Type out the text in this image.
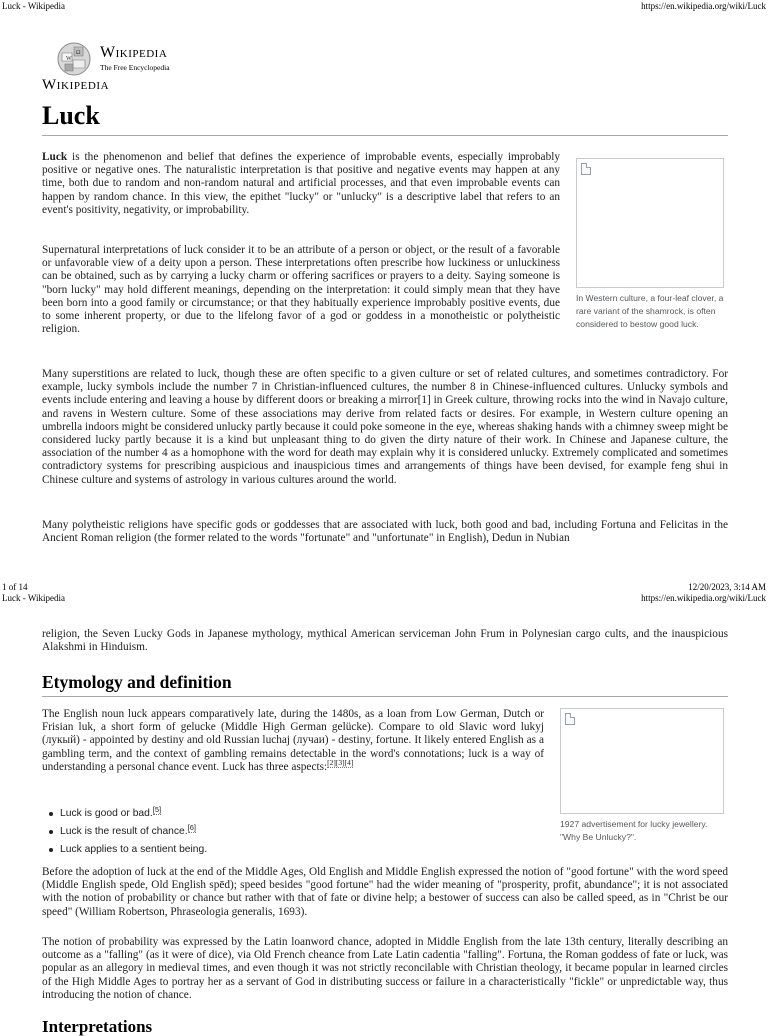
Luck - Wikipedia	https://en.wikipedia.org/wiki/Luck
W
Ω Wikipedia
The Free Encyclopedia
Wikipedia
Luck
Luck is the phenomenon and belief that defines the experience of improbable events, especially improbably positive or negative ones. The naturalistic interpretation is that positive and negative events may happen at any time, both due to random and non-random natural and artificial processes, and that even improbable events can happen by random chance. In this view, the epithet "lucky" or "unlucky" is a descriptive label that refers to an event's positivity, negativity, or improbability.
Supernatural interpretations of luck consider it to be an attribute of a person or object, or the result of a favorable or unfavorable view of a deity upon a person. These interpretations often prescribe how luckiness or unluckiness can be obtained, such as by carrying a lucky charm or offering sacrifices or prayers to a deity. Saying someone is "born lucky" may hold different meanings, depending on the interpretation: it could simply mean that they have been born into a good family or circumstance; or that they habitually experience improbably positive events, due to some inherent property, or due to the lifelong favor of a god or goddess in a monotheistic or polytheistic religion.
In Western culture, a four-leaf clover, a rare variant of the shamrock, is often considered to bestow good luck.
Many superstitions are related to luck, though these are often specific to a given culture or set of related cultures, and sometimes contradictory. For example, lucky symbols include the number 7 in Christian-influenced cultures, the number 8 in Chinese-influenced cultures. Unlucky symbols and events include entering and leaving a house by different doors or breaking a mirror[1] in Greek culture, throwing rocks into the wind in Navajo culture, and ravens in Western culture. Some of these associations may derive from related facts or desires. For example, in Western culture opening an umbrella indoors might be considered unlucky partly because it could poke someone in the eye, whereas shaking hands with a chimney sweep might be considered lucky partly because it is a kind but unpleasant thing to do given the dirty nature of their work. In Chinese and Japanese culture, the association of the number 4 as a homophone with the word for death may explain why it is considered unlucky. Extremely complicated and sometimes contradictory systems for prescribing auspicious and inauspicious times and arrangements of things have been devised, for example feng shui in Chinese culture and systems of astrology in various cultures around the world.
Many polytheistic religions have specific gods or goddesses that are associated with luck, both good and bad, including Fortuna and Felicitas in the Ancient Roman religion (the former related to the words "fortunate" and "unfortunate" in English), Dedun in Nubian
1 of 14	12/20/2023, 3:14 AM
Luck - Wikipedia	https://en.wikipedia.org/wiki/Luck
religion, the Seven Lucky Gods in Japanese mythology, mythical American serviceman John Frum in Polynesian cargo cults, and the inauspicious Alakshmi in Hinduism.
Etymology and definition
The English noun luck appears comparatively late, during the 1480s, as a loan from Low German, Dutch or Frisian luk, a short form of gelucke (Middle High German gelücke). Compare to old Slavic word lukyj (лукый) - appointed by destiny and old Russian luchaj (лучаи) - destiny, fortune. It likely entered English as a gambling term, and the context of gambling remains detectable in the word's connotations; luck is a way of understanding a personal chance event. Luck has three aspects:[2][3][4]
Luck is good or bad.[5]
Luck is the result of chance.[6]
Luck applies to a sentient being.
1927 advertisement for lucky jewellery. "Why Be Unlucky?".
Before the adoption of luck at the end of the Middle Ages, Old English and Middle English expressed the notion of "good fortune" with the word speed (Middle English spede, Old English spēd); speed besides "good fortune" had the wider meaning of "prosperity, profit, abundance"; it is not associated with the notion of probability or chance but rather with that of fate or divine help; a bestower of success can also be called speed, as in "Christ be our speed" (William Robertson, Phraseologia generalis, 1693).
The notion of probability was expressed by the Latin loanword chance, adopted in Middle English from the late 13th century, literally describing an outcome as a "falling" (as it were of dice), via Old French cheance from Late Latin cadentia "falling". Fortuna, the Roman goddess of fate or luck, was popular as an allegory in medieval times, and even though it was not strictly reconcilable with Christian theology, it became popular in learned circles of the High Middle Ages to portray her as a servant of God in distributing success or failure in a characteristically "fickle" or unpredictable way, thus introducing the notion of chance.
Interpretations
